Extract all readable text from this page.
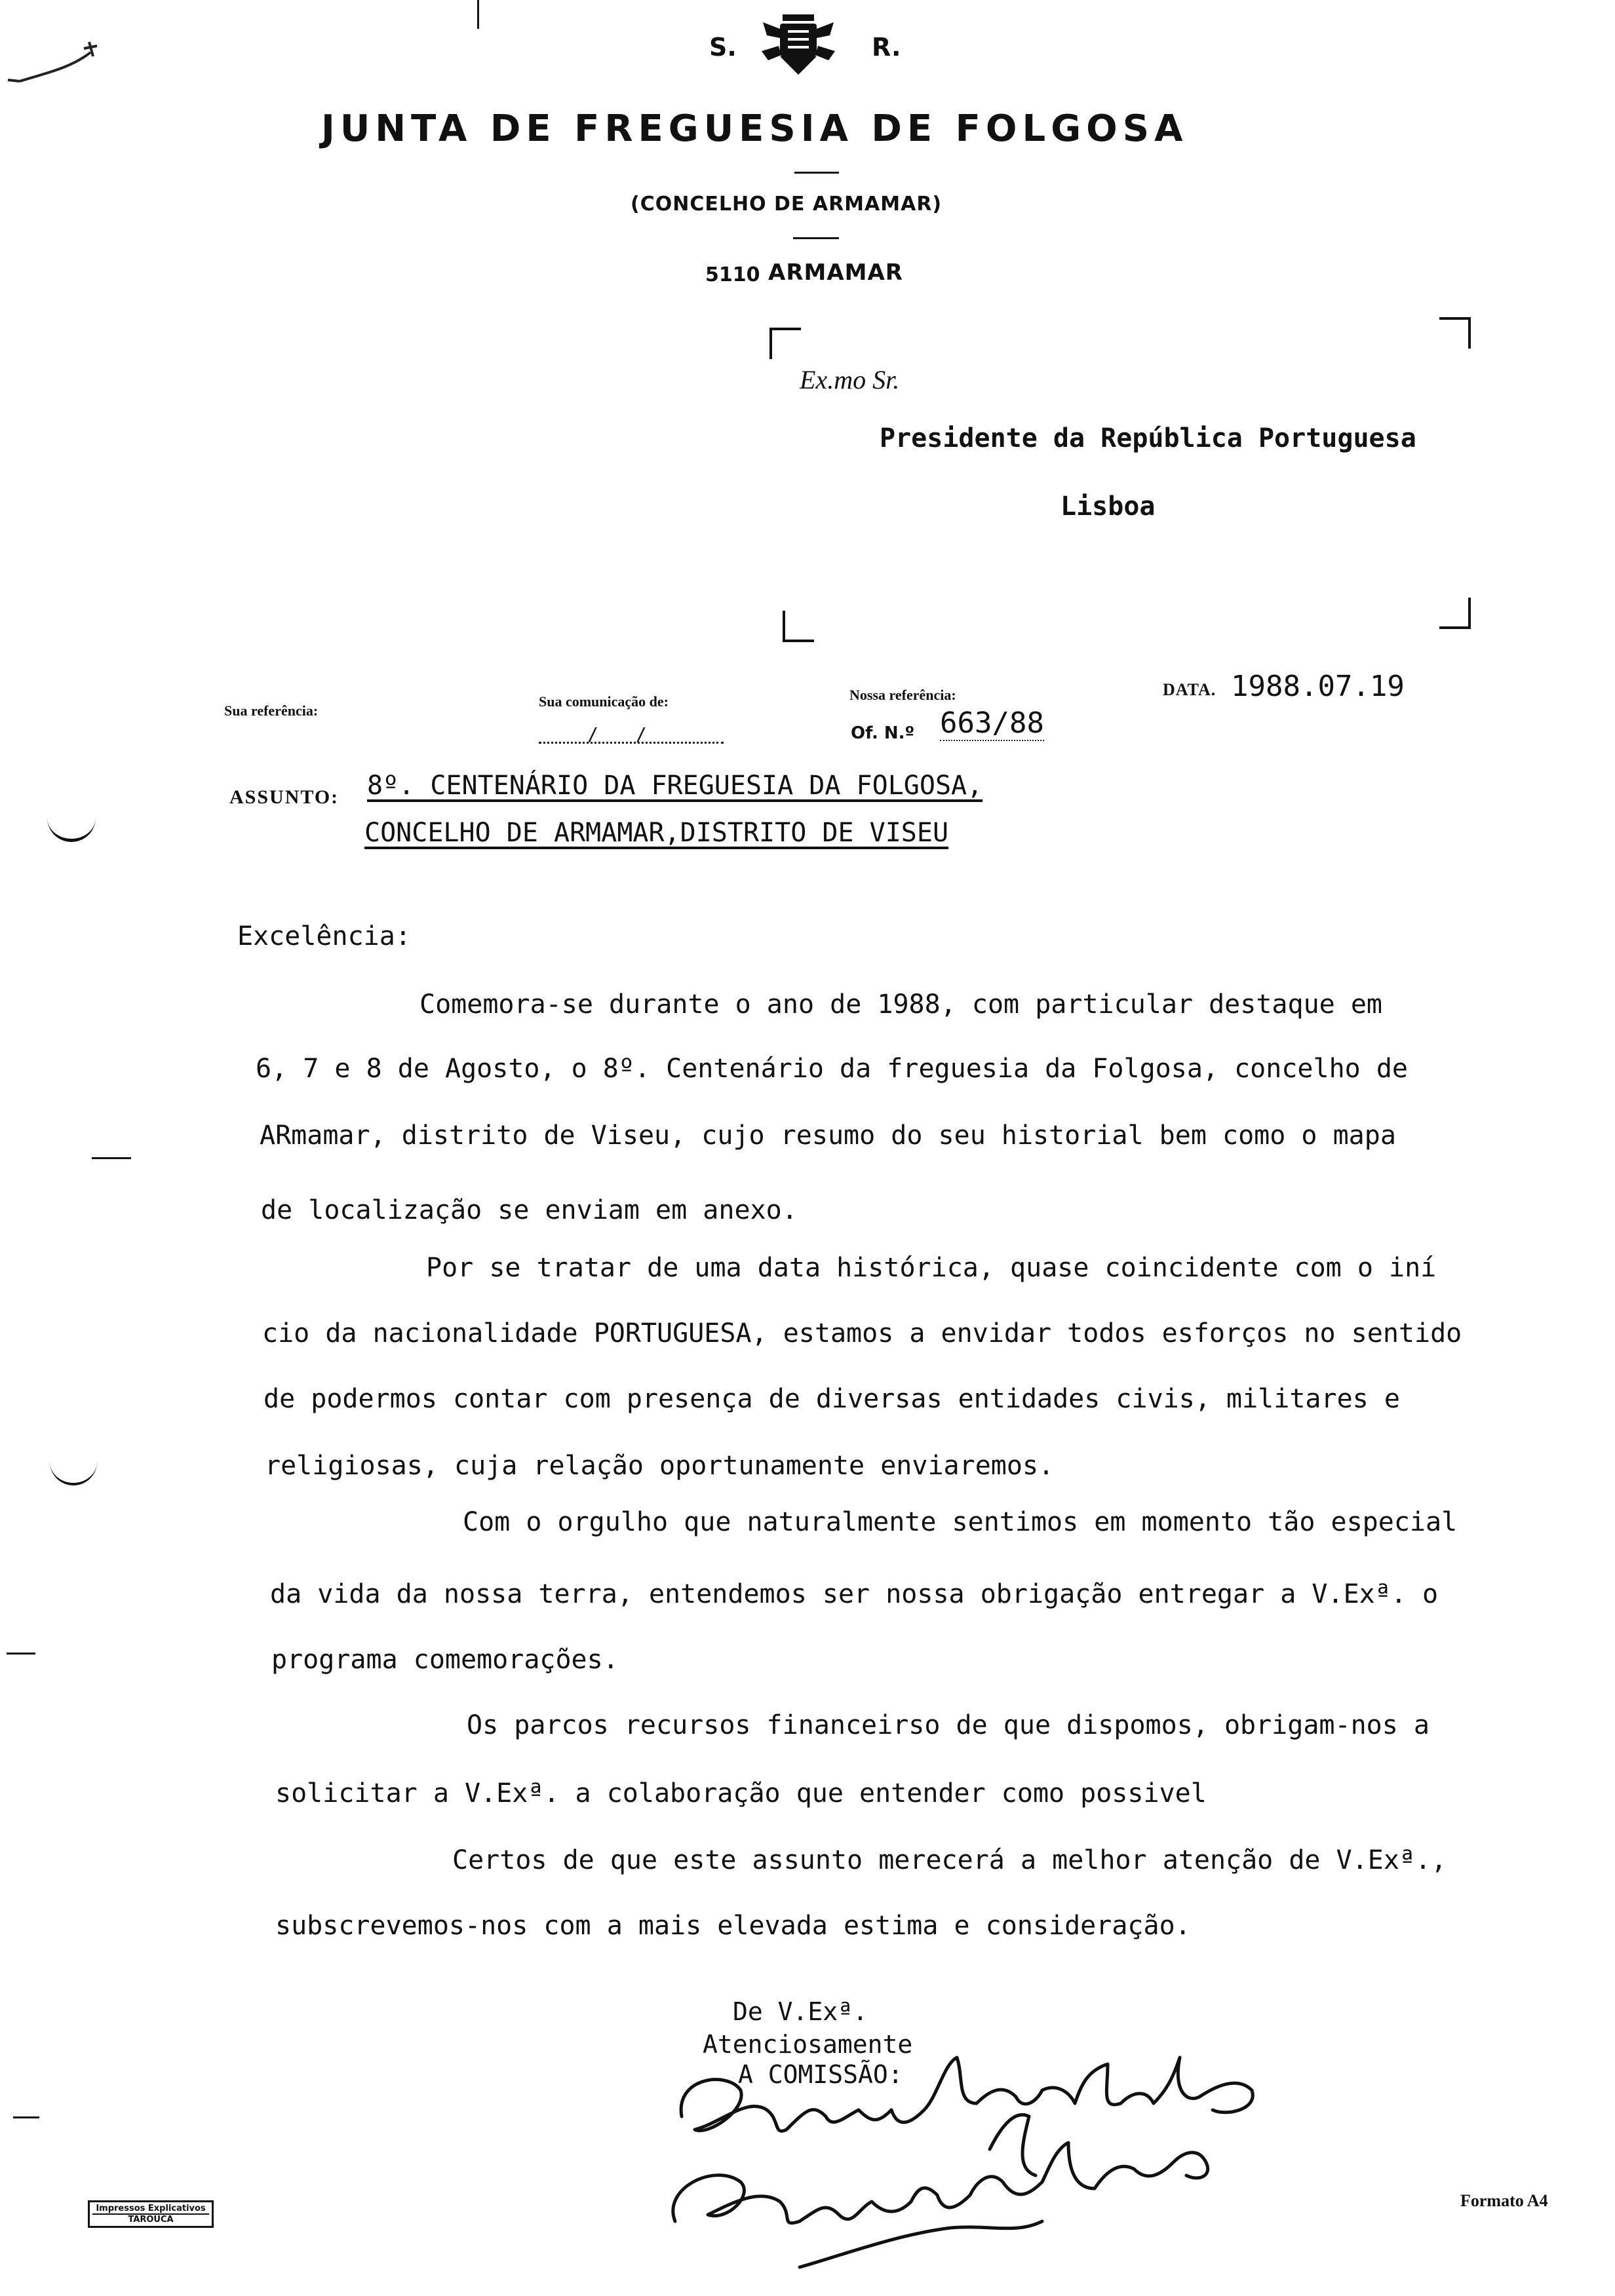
S.	R.
JUNTA DE FREGUESIA DE FOLGOSA
(CONCELHO DE ARMAMAR)
5110 ARMAMAR
Ex.mo Sr.
Presidente da República Portuguesa
Lisboa
Sua referência:
Sua comunicação de:
/ /
Nossa referência:
Of. N.º 663/88
DATA. 1988.07.19
ASSUNTO: 8º. CENTENÁRIO DA FREGUESIA DA FOLGOSA,
CONCELHO DE ARMAMAR,DISTRITO DE VISEU
Excelência:
Comemora-se durante o ano de 1988, com particular destaque em
6, 7 e 8 de Agosto, o 8º. Centenário da freguesia da Folgosa, concelho de
ARmamar, distrito de Viseu, cujo resumo do seu historial bem como o mapa
de localização se enviam em anexo.
Por se tratar de uma data histórica, quase coincidente com o iní
cio da nacionalidade PORTUGUESA, estamos a envidar todos esforços no sentido
de podermos contar com presença de diversas entidades civis, militares e
religiosas, cuja relação oportunamente enviaremos.
Com o orgulho que naturalmente sentimos em momento tão especial
da vida da nossa terra, entendemos ser nossa obrigação entregar a V.Exª. o
programa comemorações.
Os parcos recursos financeirso de que dispomos, obrigam-nos a
solicitar a V.Exª. a colaboração que entender como possivel
Certos de que este assunto merecerá a melhor atenção de V.Exª.,
subscrevemos-nos com a mais elevada estima e consideração.
De V.Exª.
Atenciosamente
A COMISSÃO:
Impressos Explicativos
TAROUCA
Formato A4
